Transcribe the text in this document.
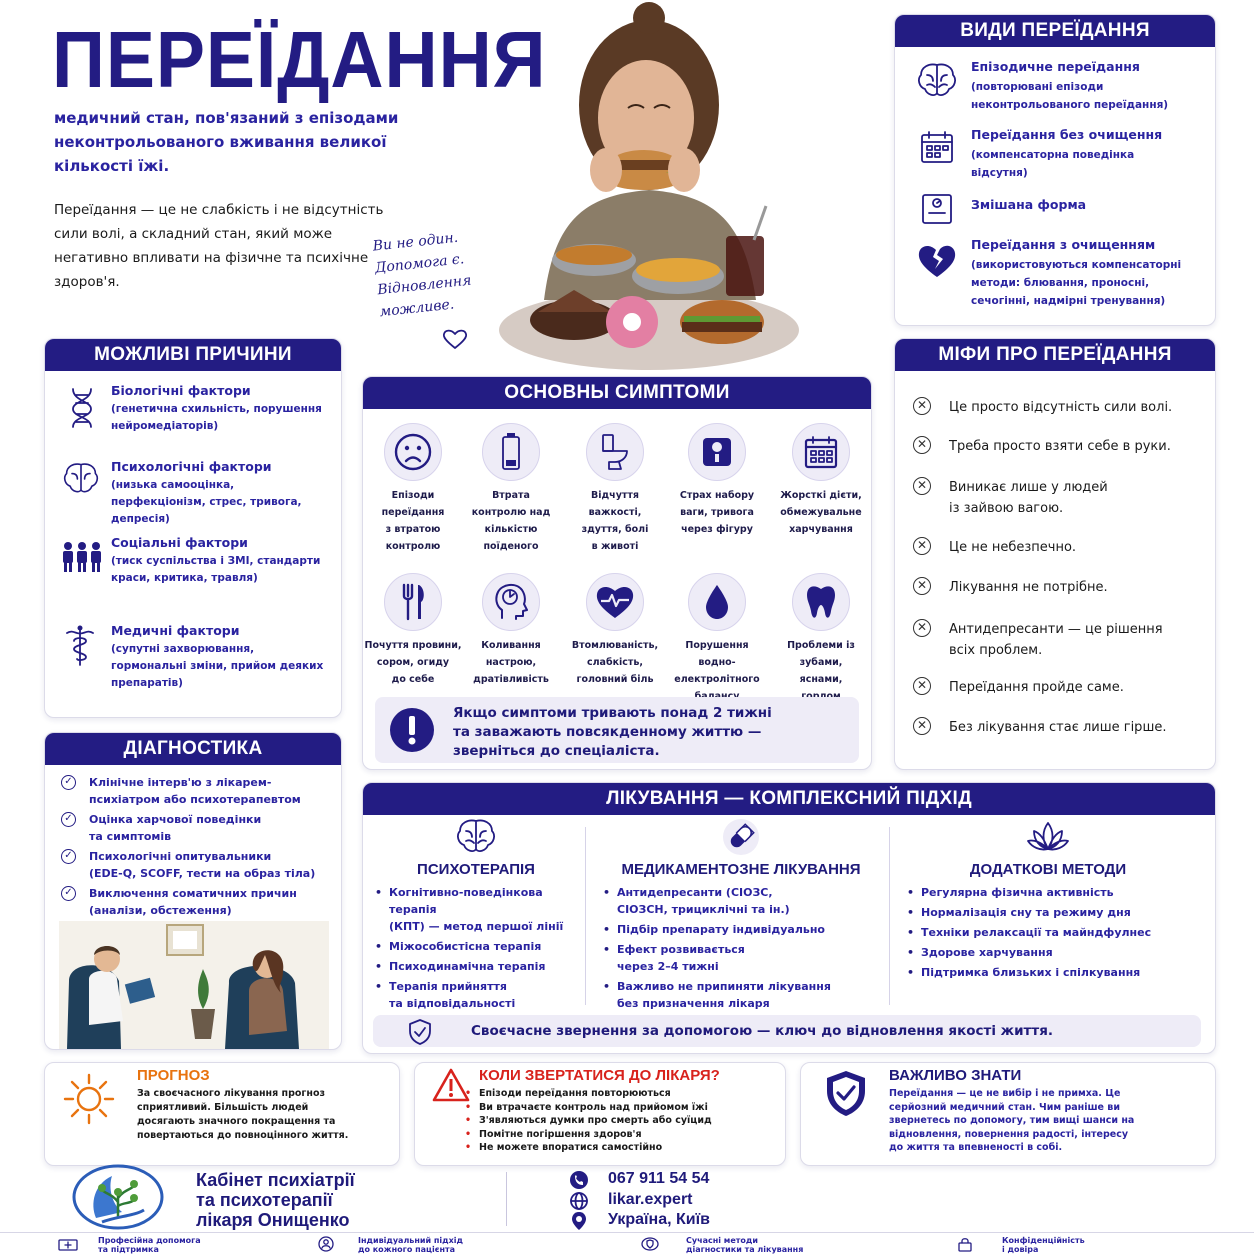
ПЕРЕЇДАННЯ
медичний стан, пов'язаний з епізодами неконтрольованого вживання великої кількості їжі.
Переїдання — це не слабкість і не відсутність сили волі, а складний стан, який може негативно впливати на фізичне та психічне здоров'я.
Ви не один. Допомога є. Відновлення можливе.
ВИДИ ПЕРЕЇДАННЯ
Епізодичне переїдання
(повторювані епізоди неконтрольованого переїдання)
Переїдання без очищення
(компенсаторна поведінка відсутня)
Змішана форма
Переїдання з очищенням
(використовуються компенсаторні методи: блювання, проносні, сечогінні, надмірні тренування)
МОЖЛИВІ ПРИЧИНИ
Біологічні фактори
(генетична схильність, порушення нейромедіаторів)
Психологічні фактори
(низька самооцінка, перфекціонізм, стрес, тривога, депресія)
Соціальні фактори
(тиск суспільства і ЗМІ, стандарти краси, критика, травля)
Медичні фактори
(супутні захворювання, гормональні зміни, прийом деяких препаратів)
ОСНОВНЫ СИМПТОМИ
Епізоди
переїдання
з втратою
контролю
Втрата
контролю над
кількістю
поїденого
Відчуття
важкості,
здуття, болі
в животі
Страх набору
ваги, тривога
через фігуру
Жорсткі дієти,
обмежувальне
харчування
Почуття провини,
сором, огиду
до себе
Коливання
настрою,
дратівливість
Втомлюваність,
слабкість,
головний біль
Порушення
водно-електролітного

Проблеми із зубами,
яснами,

Якщо симптоми тривають понад 2 тижні та заважають повсякденному життю — зверніться до спеціаліста.
МІФИ ПРО ПЕРЕЇДАННЯ
✕	Це просто відсутність сили волі.
✕	Треба просто взяти себе в руки.
✕	Виникає лише у людей
із зайвою вагою.
✕	Це не небезпечно.
✕	Лікування не потрібне.
✕	Антидепресанти — це рішення
всіх проблем.
✕	Переїдання пройде саме.
✕	Без лікування стає лише гірше.
ДІАГНОСТИКА
✓	Клінічне інтерв'ю з лікарем-
психіатром або психотерапевтом
✓	Оцінка харчової поведінки
та симптомів
✓	Психологічні опитувальники
(EDE-Q, SCOFF, тести на образ тіла)
✓	Виключення соматичних причин
(аналізи, обстеження)
ЛІКУВАННЯ — КОМПЛЕКСНИЙ ПІДХІД
ПСИХОТЕРАПІЯ
• Когнітивно-поведінкова терапія
(КПТ) — метод першої лінії
• Міжособистісна терапія
• Психодинамічна терапія
• Терапія прийняття
та відповідальності
•
МЕДИКАМЕНТОЗНЕ ЛІКУВАННЯ
• Антидепресанти (СІОЗС,
СІОЗСН, трициклічні та ін.)
• Підбір препарату індивідуально
• Ефект розвивається
через 2–4 тижні
• Важливо не припиняти лікування
без призначення лікаря
ДОДАТКОВІ МЕТОДИ
• Регулярна фізична активність
• Нормалізація сну та режиму дня
• Техніки релаксації та майндфулнес
• Здорове харчування
• Підтримка близьких і спілкування
Своєчасне звернення за допомогою — ключ до відновлення якості життя.
ПРОГНОЗ
За своєчасного лікування прогноз сприятливий. Більшість людей досягають значного покращення та повертаються до повноцінного життя.
КОЛИ ЗВЕРТАТИСЯ ДО ЛІКАРЯ?
• Епізоди переїдання повторюються
• Ви втрачаєте контроль над прийомом їжі
• З'являються думки про смерть або суїцид
• Помітне погіршення здоров'я
• Не можете впоратися самостійно
ВАЖЛИВО ЗНАТИ
Переїдання — це не вибір і не примха. Це серйозний медичний стан. Чим раніше ви звернетесь по допомогу, тим вищі шанси на відновлення, повернення радості, інтересу до життя та впевненості в собі.
Кабінет психіатрії
та психотерапії
лікаря Онищенко
067 911 54 54
likar.expert
Україна, Київ
Професійна допомога
та підтримка
Індивідуальний підхід
до кожного пацієнта
Сучасні методи
діагностики та лікування
Конфіденційність
і довіра
